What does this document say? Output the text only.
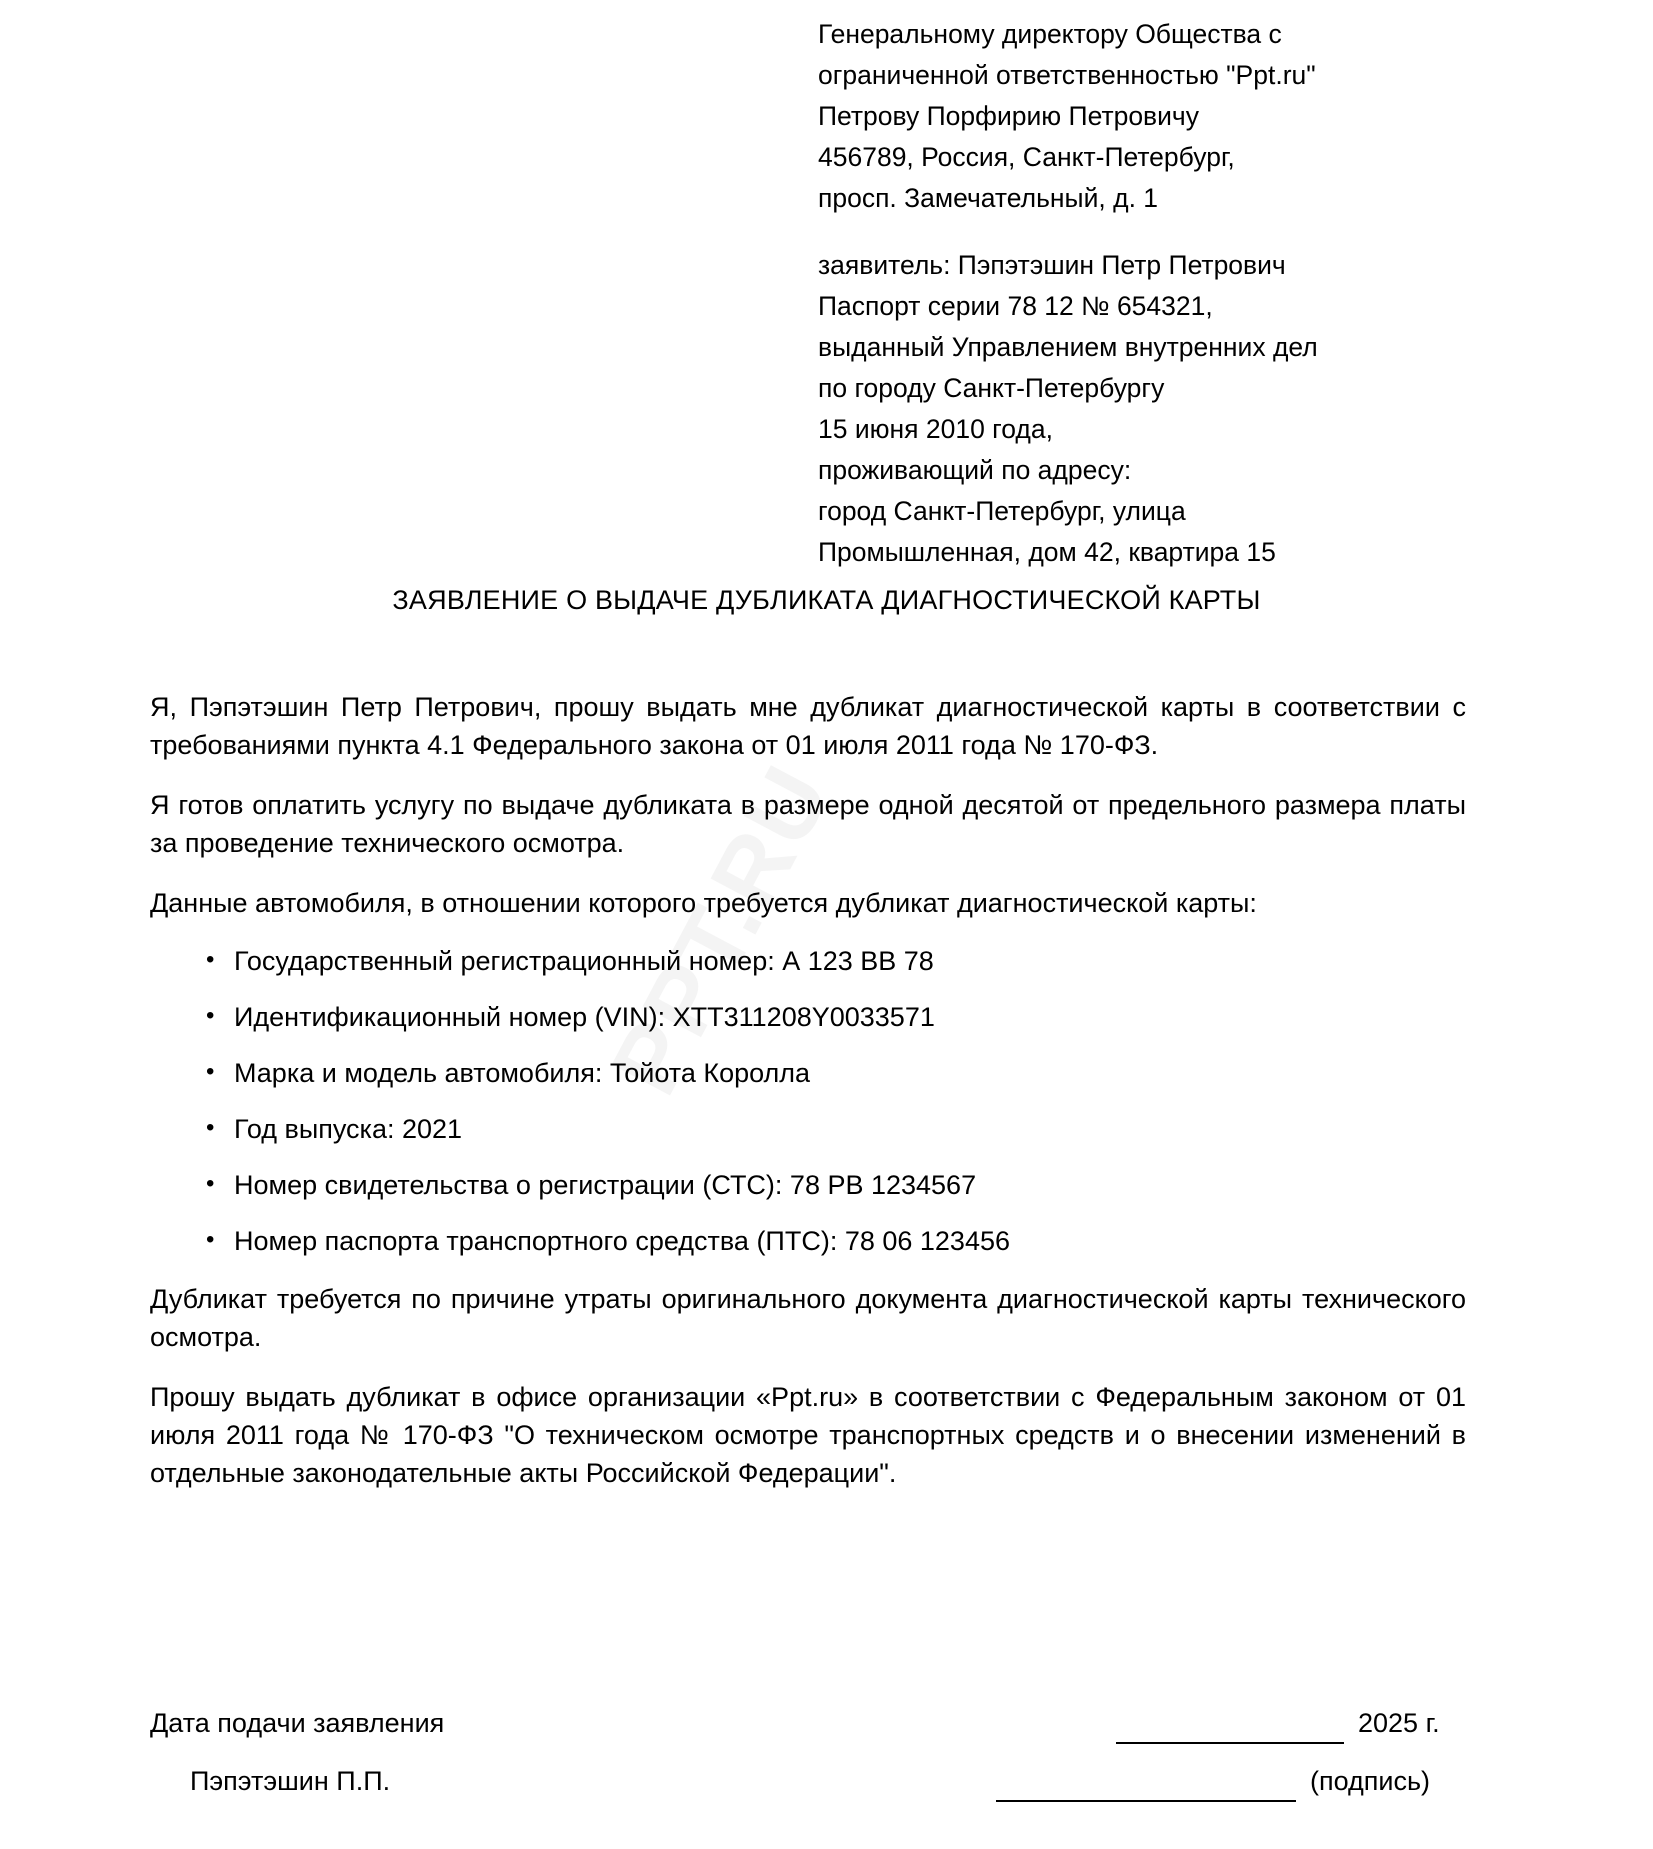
Генеральному директору Общества с
ограниченной ответственностью "Ppt.ru"
Петрову Порфирию Петровичу
456789, Россия, Санкт-Петербург,
просп. Замечательный, д. 1
заявитель: Пэпэтэшин Петр Петрович
Паспорт серии 78 12 № 654321,
выданный Управлением внутренних дел
по городу Санкт-Петербургу
15 июня 2010 года,
проживающий по адресу:
город Санкт-Петербург, улица
Промышленная, дом 42, квартира 15
ЗАЯВЛЕНИЕ О ВЫДАЧЕ ДУБЛИКАТА ДИАГНОСТИЧЕСКОЙ КАРТЫ

Я, Пэпэтэшин Петр Петрович, прошу выдать мне дубликат диагностической карты в соответствии с требованиями пункта 4.1 Федерального закона от 01 июля 2011 года № 170-ФЗ.

Я готов оплатить услугу по выдаче дубликата в размере одной десятой от предельного размера платы за проведение технического осмотра.

Данные автомобиля, в отношении которого требуется дубликат диагностической карты:

• Государственный регистрационный номер: А 123 ВВ 78
• Идентификационный номер (VIN): XTT311208Y0033571
• Марка и модель автомобиля: Тойота Королла
• Год выпуска: 2021
• Номер свидетельства о регистрации (СТС): 78 РВ 1234567
• Номер паспорта транспортного средства (ПТС): 78 06 123456

Дубликат требуется по причине утраты оригинального документа диагностической карты технического осмотра.

Прошу выдать дубликат в офисе организации «Ppt.ru» в соответствии с Федеральным законом от 01 июля 2011 года № 170-ФЗ "О техническом осмотре транспортных средств и о внесении изменений в отдельные законодательные акты Российской Федерации".

Дата подачи заявления	2025 г.
Пэпэтэшин П.П.	(подпись)
